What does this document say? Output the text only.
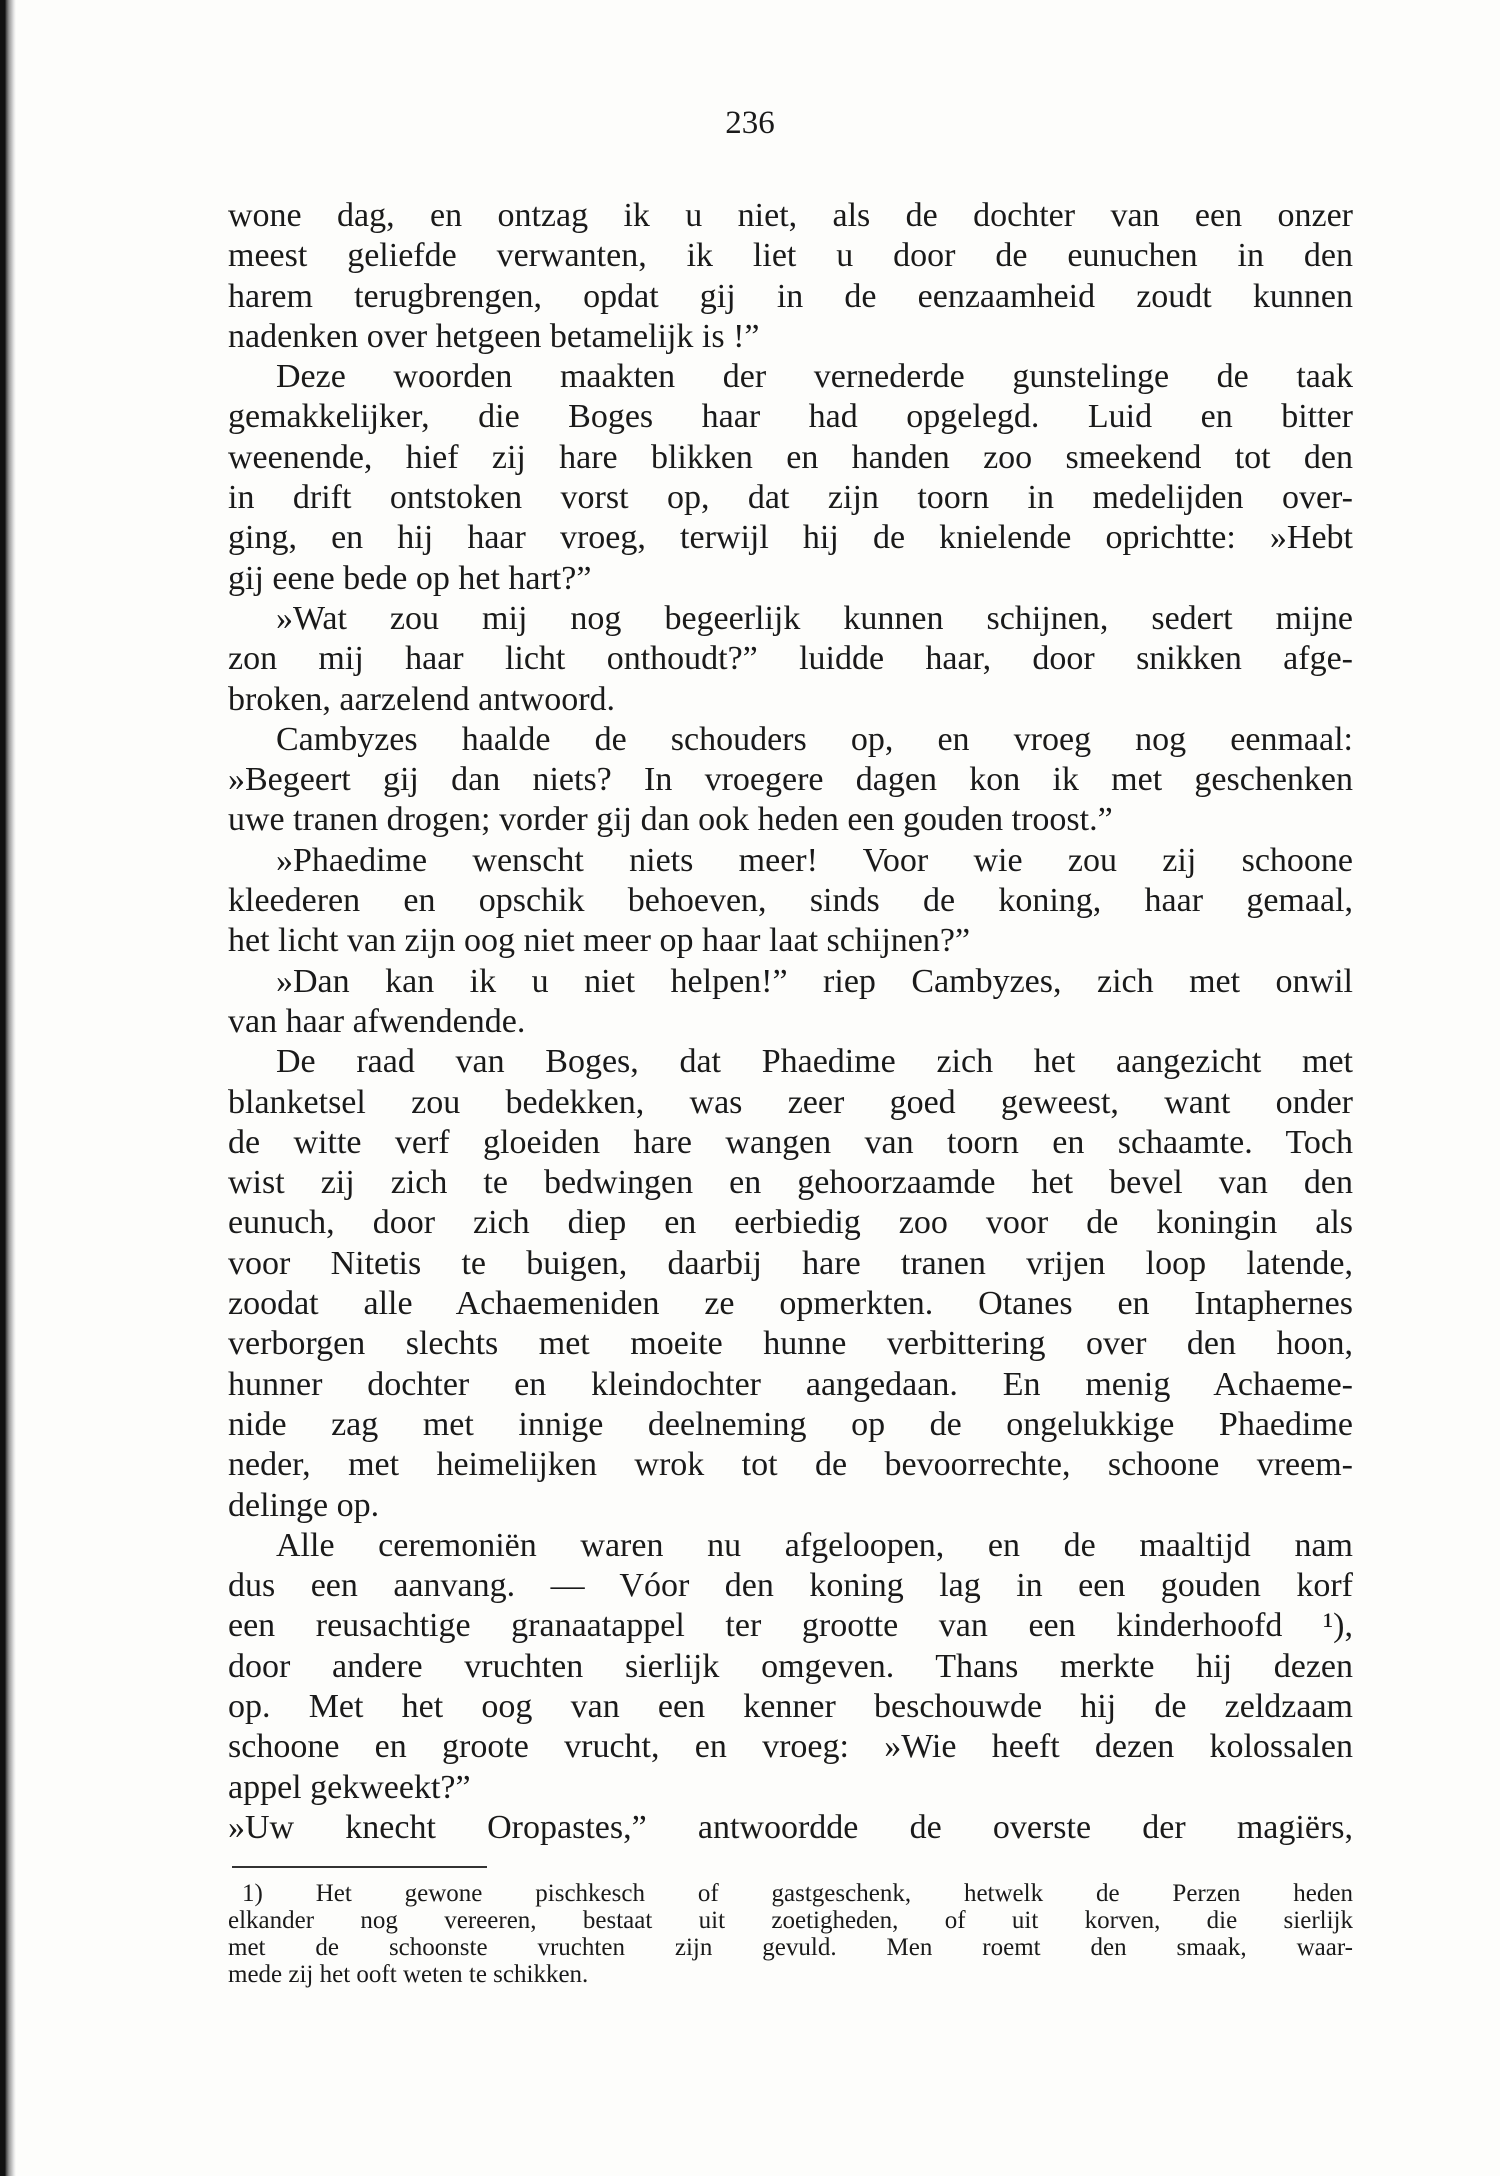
236
wone dag, en ontzag ik u niet, als de dochter van een onzer
meest geliefde verwanten, ik liet u door de eunuchen in den
harem terugbrengen, opdat gij in de eenzaamheid zoudt kunnen
nadenken over hetgeen betamelijk is !”
Deze woorden maakten der vernederde gunstelinge de taak
gemakkelijker, die Boges haar had opgelegd. Luid en bitter
weenende, hief zij hare blikken en handen zoo smeekend tot den
in drift ontstoken vorst op, dat zijn toorn in medelijden over-
ging, en hij haar vroeg, terwijl hij de knielende oprichtte: »Hebt
gij eene bede op het hart?”
»Wat zou mij nog begeerlijk kunnen schijnen, sedert mijne
zon mij haar licht onthoudt?” luidde haar, door snikken afge-
broken, aarzelend antwoord.
Cambyzes haalde de schouders op, en vroeg nog eenmaal:
»Begeert gij dan niets? In vroegere dagen kon ik met geschenken
uwe tranen drogen; vorder gij dan ook heden een gouden troost.”
»Phaedime wenscht niets meer! Voor wie zou zij schoone
kleederen en opschik behoeven, sinds de koning, haar gemaal,
het licht van zijn oog niet meer op haar laat schijnen?”
»Dan kan ik u niet helpen!” riep Cambyzes, zich met onwil
van haar afwendende.
De raad van Boges, dat Phaedime zich het aangezicht met
blanketsel zou bedekken, was zeer goed geweest, want onder
de witte verf gloeiden hare wangen van toorn en schaamte. Toch
wist zij zich te bedwingen en gehoorzaamde het bevel van den
eunuch, door zich diep en eerbiedig zoo voor de koningin als
voor Nitetis te buigen, daarbij hare tranen vrijen loop latende,
zoodat alle Achaemeniden ze opmerkten. Otanes en Intaphernes
verborgen slechts met moeite hunne verbittering over den hoon,
hunner dochter en kleindochter aangedaan. En menig Achaeme-
nide zag met innige deelneming op de ongelukkige Phaedime
neder, met heimelijken wrok tot de bevoorrechte, schoone vreem-
delinge op.
Alle ceremoniën waren nu afgeloopen, en de maaltijd nam
dus een aanvang. — Vóor den koning lag in een gouden korf
een reusachtige granaatappel ter grootte van een kinderhoofd ¹),
door andere vruchten sierlijk omgeven. Thans merkte hij dezen
op. Met het oog van een kenner beschouwde hij de zeldzaam
schoone en groote vrucht, en vroeg: »Wie heeft dezen kolossalen
appel gekweekt?”
»Uw knecht Oropastes,” antwoordde de overste der magiërs,
1) Het gewone pischkesch of gastgeschenk, hetwelk de Perzen heden
elkander nog vereeren, bestaat uit zoetigheden, of uit korven, die sierlijk
met de schoonste vruchten zijn gevuld. Men roemt den smaak, waar-
mede zij het ooft weten te schikken.
